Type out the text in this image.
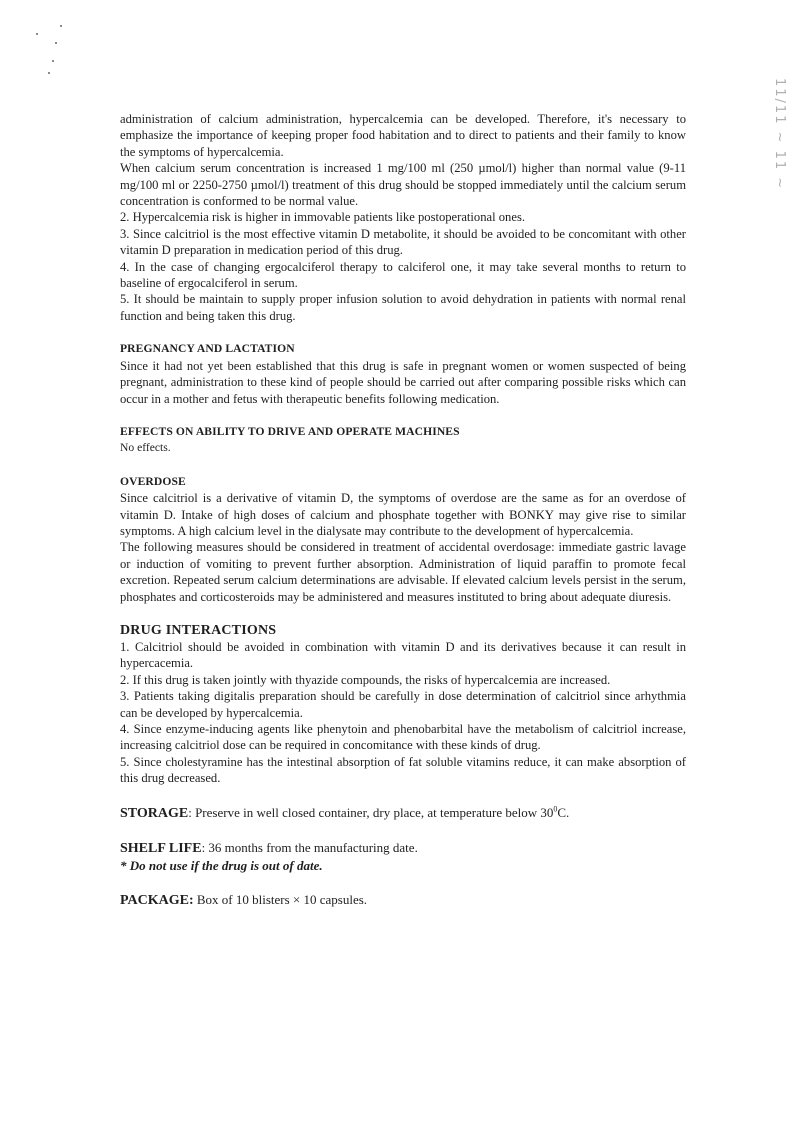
11/11 ~ 11 ~

administration of calcium administration, hypercalcemia can be developed. Therefore, it's necessary to emphasize the importance of keeping proper food habitation and to direct to patients and their family to know the symptoms of hypercalcemia.

When calcium serum concentration is increased 1 mg/100 ml (250 µmol/l) higher than normal value (9-11 mg/100 ml or 2250-2750 µmol/l) treatment of this drug should be stopped immediately until the calcium serum concentration is conformed to be normal value.

2. Hypercalcemia risk is higher in immovable patients like postoperational ones.

3. Since calcitriol is the most effective vitamin D metabolite, it should be avoided to be concomitant with other vitamin D preparation in medication period of this drug.

4. In the case of changing ergocalciferol therapy to calciferol one, it may take several months to return to baseline of ergocalciferol in serum.

5. It should be maintain to supply proper infusion solution to avoid dehydration in patients with normal renal function and being taken this drug.

PREGNANCY AND LACTATION

Since it had not yet been established that this drug is safe in pregnant women or women suspected of being pregnant, administration to these kind of people should be carried out after comparing possible risks which can occur in a mother and fetus with therapeutic benefits following medication.

EFFECTS ON ABILITY TO DRIVE AND OPERATE MACHINES

No effects.

OVERDOSE

Since calcitriol is a derivative of vitamin D, the symptoms of overdose are the same as for an overdose of vitamin D. Intake of high doses of calcium and phosphate together with BONKY may give rise to similar symptoms. A high calcium level in the dialysate may contribute to the development of hypercalcemia.

The following measures should be considered in treatment of accidental overdosage: immediate gastric lavage or induction of vomiting to prevent further absorption. Administration of liquid paraffin to promote fecal excretion. Repeated serum calcium determinations are advisable. If elevated calcium levels persist in the serum, phosphates and corticosteroids may be administered and measures instituted to bring about adequate diuresis.

DRUG INTERACTIONS

1. Calcitriol should be avoided in combination with vitamin D and its derivatives because it can result in hypercacemia.

2. If this drug is taken jointly with thyazide compounds, the risks of hypercalcemia are increased.

3. Patients taking digitalis preparation should be carefully in dose determination of calcitriol since arhythmia can be developed by hypercalcemia.

4. Since enzyme-inducing agents like phenytoin and phenobarbital have the metabolism of calcitriol increase, increasing calcitriol dose can be required in concomitance with these kinds of drug.

5. Since cholestyramine has the intestinal absorption of fat soluble vitamins reduce, it can make absorption of this drug decreased.

STORAGE: Preserve in well closed container, dry place, at temperature below $30^0C$.

SHELF LIFE: 36 months from the manufacturing date.

* Do not use if the drug is out of date.

PACKAGE: Box of 10 blisters × 10 capsules.
